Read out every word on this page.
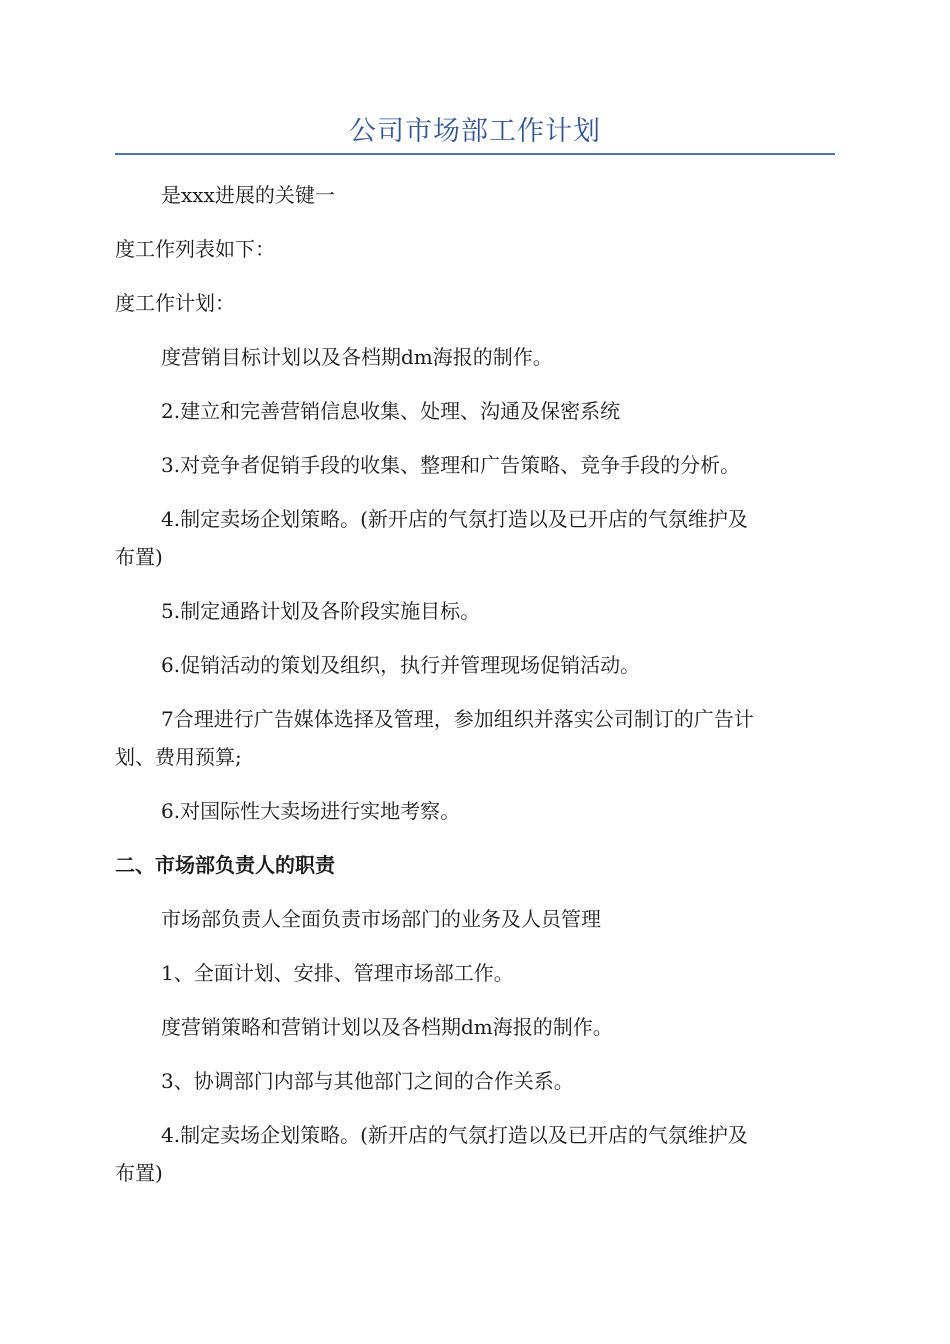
公司市场部工作计划
是xxx进展的关键一
度工作列表如下：
度工作计划：
度营销目标计划以及各档期dm海报的制作。
2.建立和完善营销信息收集、处理、沟通及保密系统
3.对竞争者促销手段的收集、整理和广告策略、竞争手段的分析。
4.制定卖场企划策略。(新开店的气氛打造以及已开店的气氛维护及
布置)
5.制定通路计划及各阶段实施目标。
6.促销活动的策划及组织，执行并管理现场促销活动。
7合理进行广告媒体选择及管理，参加组织并落实公司制订的广告计
划、费用预算;
6.对国际性大卖场进行实地考察。
二、市场部负责人的职责
市场部负责人全面负责市场部门的业务及人员管理
1、全面计划、安排、管理市场部工作。
度营销策略和营销计划以及各档期dm海报的制作。
3、协调部门内部与其他部门之间的合作关系。
4.制定卖场企划策略。(新开店的气氛打造以及已开店的气氛维护及
布置)
